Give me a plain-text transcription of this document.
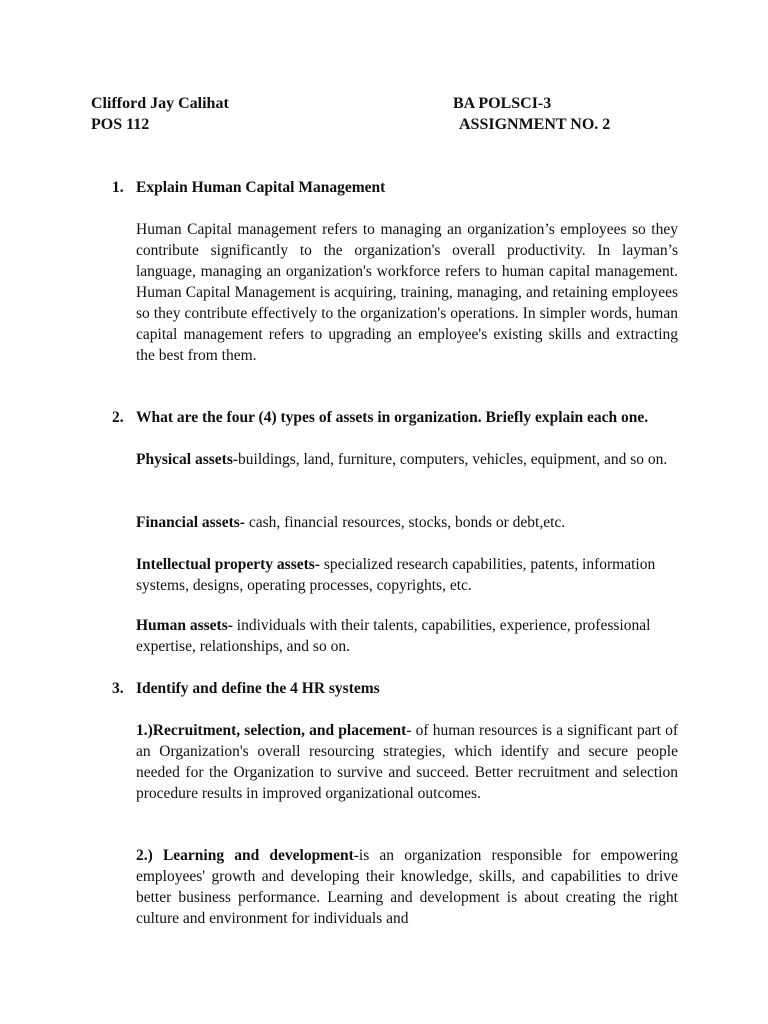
Clifford Jay Calihat	BA POLSCI-3
POS 112	ASSIGNMENT NO. 2
1. Explain Human Capital Management

Human Capital management refers to managing an organization’s employees so they contribute significantly to the organization's overall productivity. In layman’s language, managing an organization's workforce refers to human capital management. Human Capital Management is acquiring, training, managing, and retaining employees so they contribute effectively to the organization's operations. In simpler words, human capital management refers to upgrading an employee's existing skills and extracting the best from them.

2. What are the four (4) types of assets in organization. Briefly explain each one.

Physical assets-buildings, land, furniture, computers, vehicles, equipment, and so on.

Financial assets- cash, financial resources, stocks, bonds or debt,etc.

Intellectual property assets- specialized research capabilities, patents, information systems, designs, operating processes, copyrights, etc.

Human assets- individuals with their talents, capabilities, experience, professional expertise, relationships, and so on.

3. Identify and define the 4 HR systems

1.)Recruitment, selection, and placement- of human resources is a significant part of an Organization's overall resourcing strategies, which identify and secure people needed for the Organization to survive and succeed. Better recruitment and selection procedure results in improved organizational outcomes.

2.) Learning and development-is an organization responsible for empowering employees' growth and developing their knowledge, skills, and capabilities to drive better business performance. Learning and development is about creating the right culture and environment for individuals and
